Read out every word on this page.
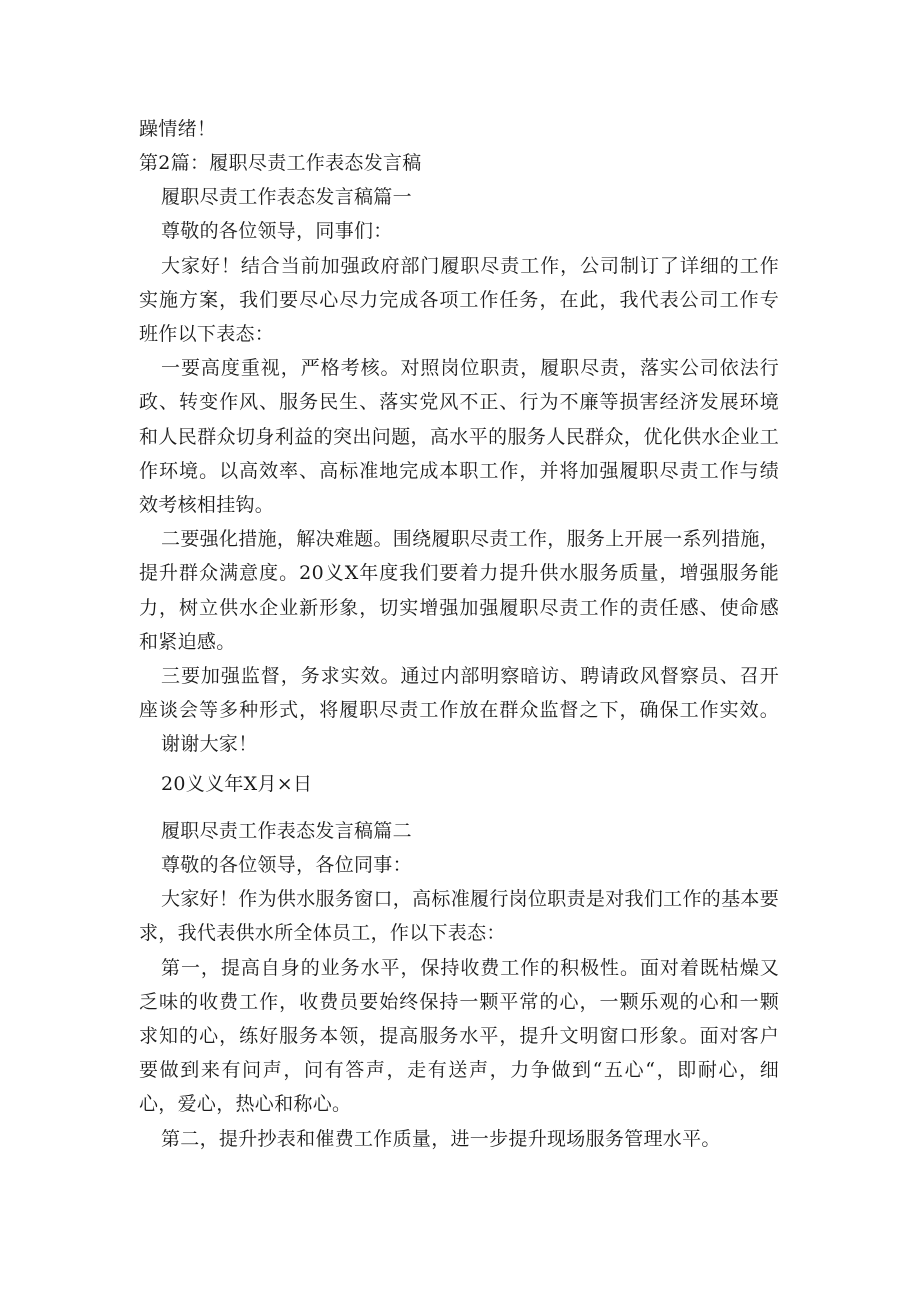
躁情绪！
第2篇：履职尽责工作表态发言稿
履职尽责工作表态发言稿篇一
尊敬的各位领导，同事们：
大家好！结合当前加强政府部门履职尽责工作，公司制订了详细的工作
实施方案，我们要尽心尽力完成各项工作任务，在此，我代表公司工作专
班作以下表态：
一要高度重视，严格考核。对照岗位职责，履职尽责，落实公司依法行
政、转变作风、服务民生、落实党风不正、行为不廉等损害经济发展环境
和人民群众切身利益的突出问题，高水平的服务人民群众，优化供水企业工
作环境。以高效率、高标准地完成本职工作，并将加强履职尽责工作与绩
效考核相挂钩。
二要强化措施，解决难题。围绕履职尽责工作，服务上开展一系列措施，
提升群众满意度。20义X年度我们要着力提升供水服务质量，增强服务能
力，树立供水企业新形象，切实增强加强履职尽责工作的责任感、使命感
和紧迫感。
三要加强监督，务求实效。通过内部明察暗访、聘请政风督察员、召开
座谈会等多种形式，将履职尽责工作放在群众监督之下，确保工作实效。
谢谢大家！
20义义年X月×日
履职尽责工作表态发言稿篇二
尊敬的各位领导，各位同事：
大家好！作为供水服务窗口，高标准履行岗位职责是对我们工作的基本要
求，我代表供水所全体员工，作以下表态：
第一，提高自身的业务水平，保持收费工作的积极性。面对着既枯燥又
乏味的收费工作，收费员要始终保持一颗平常的心，一颗乐观的心和一颗
求知的心，练好服务本领，提高服务水平，提升文明窗口形象。面对客户
要做到来有问声，问有答声，走有送声，力争做到“五心“，即耐心，细
心，爱心，热心和称心。
第二，提升抄表和催费工作质量，进一步提升现场服务管理水平。
